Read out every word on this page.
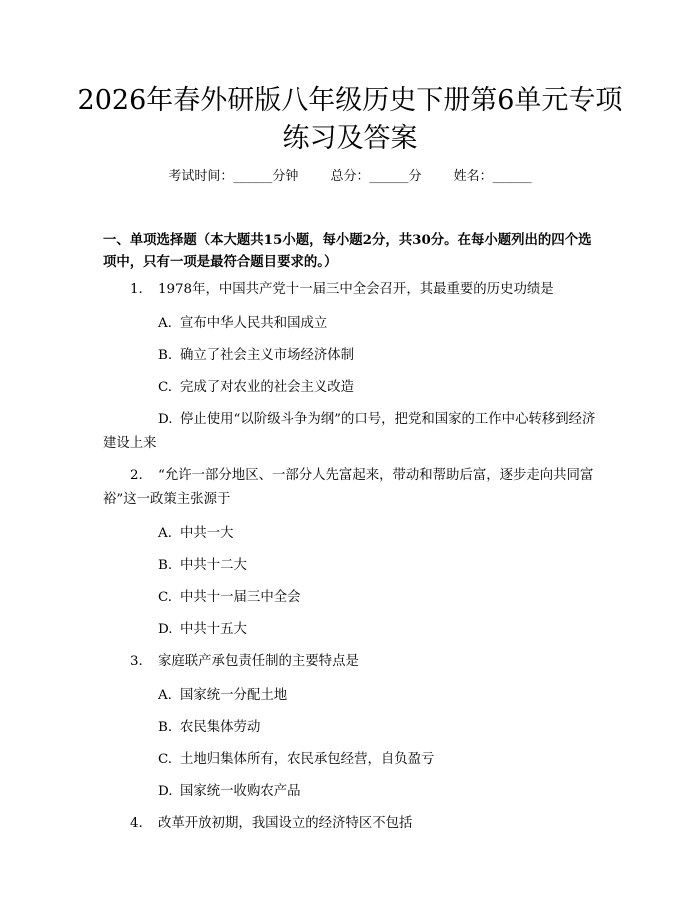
2026年春外研版八年级历史下册第6单元专项练习及答案
考试时间：______分钟 总分：______分 姓名：______

一、单项选择题（本大题共15小题，每小题2分，共30分。在每小题列出的四个选项中，只有一项是最符合题目要求的。）

1. 1978年，中国共产党十一届三中全会召开，其最重要的历史功绩是

A. 宣布中华人民共和国成立

B. 确立了社会主义市场经济体制

C. 完成了对农业的社会主义改造

D. 停止使用“以阶级斗争为纲”的口号，把党和国家的工作中心转移到经济建设上来

2. “允许一部分地区、一部分人先富起来，带动和帮助后富，逐步走向共同富裕”这一政策主张源于

A. 中共一大

B. 中共十二大

C. 中共十一届三中全会

D. 中共十五大

3. 家庭联产承包责任制的主要特点是

A. 国家统一分配土地

B. 农民集体劳动

C. 土地归集体所有，农民承包经营，自负盈亏

D. 国家统一收购农产品

4. 改革开放初期，我国设立的经济特区不包括
